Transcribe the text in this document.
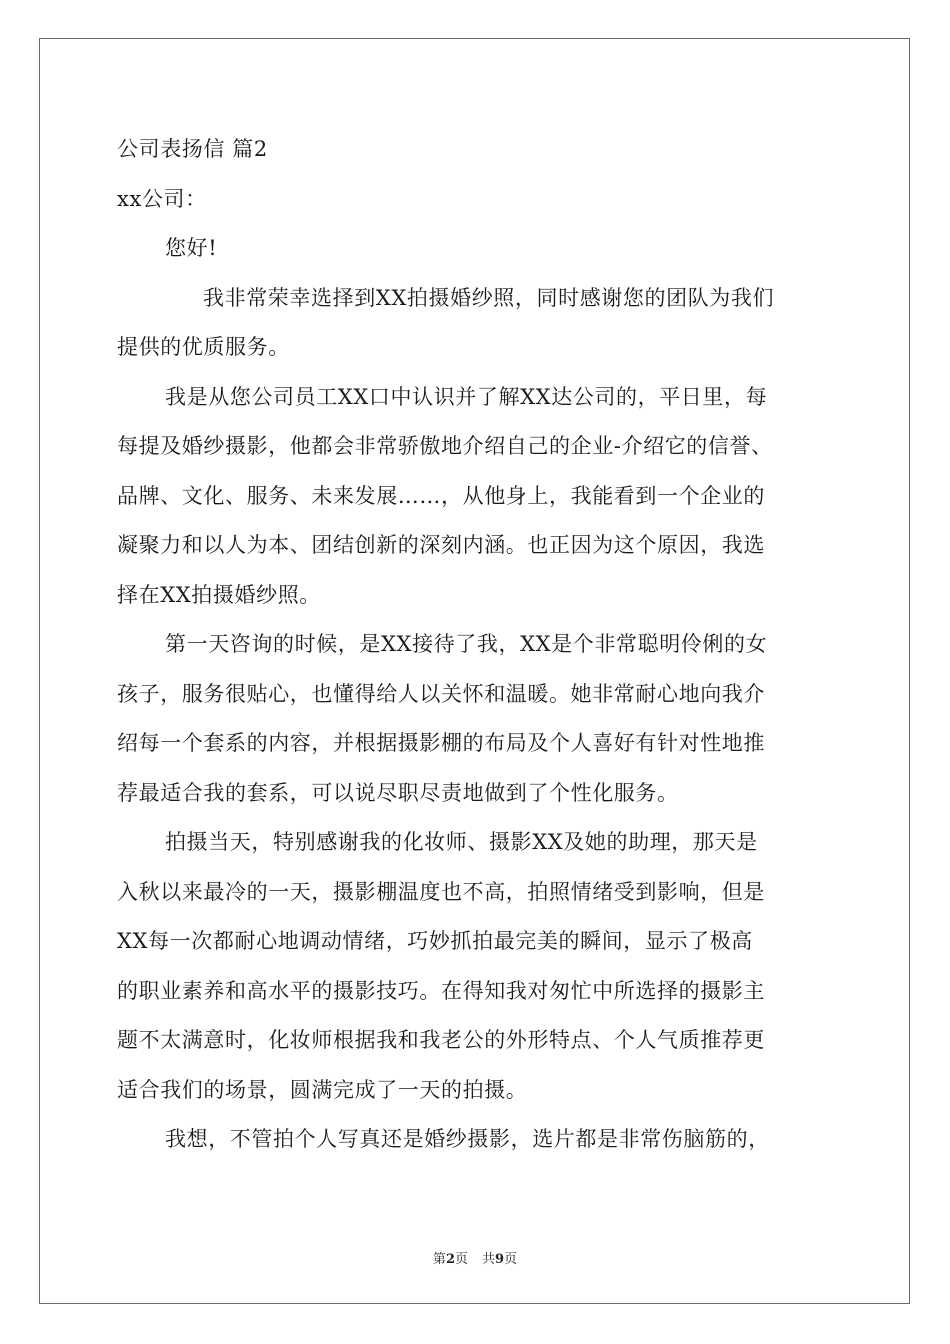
公司表扬信 篇2
xx公司：
您好!
我非常荣幸选择到XX拍摄婚纱照，同时感谢您的团队为我们
提供的优质服务。
我是从您公司员工XX口中认识并了解XX达公司的，平日里，每
每提及婚纱摄影，他都会非常骄傲地介绍自己的企业-介绍它的信誉、
品牌、文化、服务、未来发展……，从他身上，我能看到一个企业的
凝聚力和以人为本、团结创新的深刻内涵。也正因为这个原因，我选
择在XX拍摄婚纱照。
第一天咨询的时候，是XX接待了我，XX是个非常聪明伶俐的女
孩子，服务很贴心，也懂得给人以关怀和温暖。她非常耐心地向我介
绍每一个套系的内容，并根据摄影棚的布局及个人喜好有针对性地推
荐最适合我的套系，可以说尽职尽责地做到了个性化服务。
拍摄当天，特别感谢我的化妆师、摄影XX及她的助理，那天是
入秋以来最冷的一天，摄影棚温度也不高，拍照情绪受到影响，但是
XX每一次都耐心地调动情绪，巧妙抓拍最完美的瞬间，显示了极高
的职业素养和高水平的摄影技巧。在得知我对匆忙中所选择的摄影主
题不太满意时，化妆师根据我和我老公的外形特点、个人气质推荐更
适合我们的场景，圆满完成了一天的拍摄。
我想，不管拍个人写真还是婚纱摄影，选片都是非常伤脑筋的，
第2页 共9页
